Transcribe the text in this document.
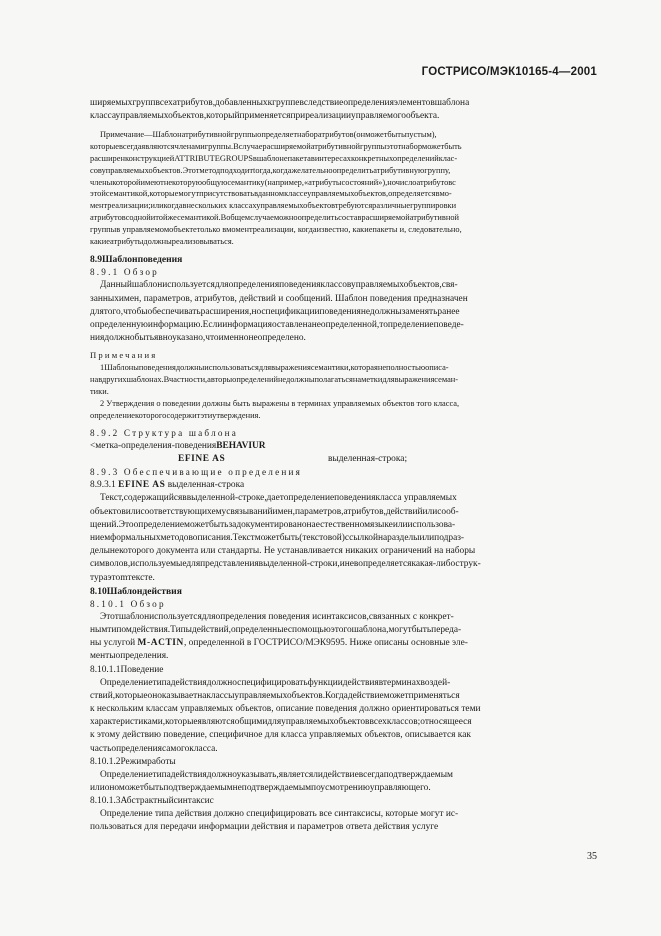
ГОСТРИСО/МЭК10165-4—2001

ширяемыхгруппвсехатрибутов,добавленныхкгруппевследствиеопределенияэлементовшаблона

классауправляемыхобъектов,которыйприменяетсяприреализацииуправляемогообъекта.

Примечание—Шаблонатрибутивнойгруппыопределяетнаборатрибутов(онможетбытьпустым),

которыевсегдаявляютсячленамигруппы.Вслучаерасширяемойатрибутивнойгруппыэтотнаборможетбыть

расширенконструкциейATTRIBUTEGROUPSвшаблонепакетавинтересахконкретныхопределенийклас-

совуправляемыхобъектов.Этотметодподходитtогда,когдажелательноопределитьатрибутивнуюгруппу,

членыкоторойимеютнекоторуюобщуюсемантику(например,«атрибутысостояний»),ночислоатрибутовс

этойсемантикой,которыемогутприсутствоватьвданномклассеуправляемыхобъектов,определяетсявмо-

ментреализации;иликогдавнескольких классахуправляемыхобъектовтребуютсяразличныегруппировки

атрибутовсоднойитойжесемантикой.Вобщемслучаеможноопределитьсоставрасширяемойатрибутивной

группыв управляемомобъектетолько вмоментреализации, когдаизвестно, какиепакеты и, следовательно,

какиеатрибутыдолжныреализовываться.

8.9Шаблонповедения

8.9.1 Обзор

Данныйшаблониспользуетсядляопределенияповеденияклассовуправляемыхобъектов,свя-

занныхимен, параметров, атрибутов, действий и сообщений. Шаблон поведения предназначен

длятого,чтобыобеспечиватьрасширения,носпецификацииповедениянедолжнызаменятьранее

определеннуюинформацию.Еслиинформацияоставленанеопределенной,топределениеповеде-

ниядолжнобытьявноуказано,чтоименнонеопределено.

Примечания

1Шаблоныповедениядолжныиспользоватьсядлявыражениясемантики,котораянеполностьюописа-

навдругихшаблонах.Вчастности,авторыопределенийнедолжныполагатьсянаметкидлявыражениясеман-

тики.

2 Утверждения о поведении должны быть выражены в терминах управляемых объектов того класса,

определениекоторогосодержитэтиутверждения.

8.9.2 Структура шаблона

<метка-определения-поведенияBEHAVIUR

EFINE AS	выделенная-строка;

8.9.3 Обеспечивающие определения

8.9.3.1 EFINE AS выделенная-строка

Текст,содержащийсяввыделенной-строке,даетопределениеповедениякласса управляемых

объектовилисоответствующихемусвязыванийимен,параметров,атрибутов,действийилисооб-

щений.Этоопределениеможетбытьзадокументированонаестественномязыкеилииспользова-

ниемформальныхметодовописания.Текстможетбыть(текстовой)ссылкойнаразделыилиподраз-

делынекоторого документа или стандарты. Не устанавливается никаких ограничений на наборы

символов,используемыедляпредставлениявыделенной-строки,иневопределяетсякакая-либострук-

тураэтоmтексте.

8.10Шаблондействия

8.10.1 Обзор

Этотшаблониспользуетсядляопределения поведения исинтаксисов,связанных с конкрет-

нымтипомдействия.Типыдействий,определенныеспомощьюэтогошаблона,могутбытьпереда-

ны услугой M-ACTIN, определенной в ГОСТРИСО/МЭК9595. Ниже описаны основные эле-

ментыопределения.

8.10.1.1Поведение

Определениетипадействиядолжноспецифицироватьфункциидействиявтерминахвоздей-

ствий,которыеоноказываетнаклассыуправляемыхобъектов.Когдадействиеможетприменяться

к нескольким классам управляемых объектов, описание поведения должно ориентироваться теми

характеристиками,которыеявляютсяобщимидляуправляемыхобъектоввсехклассов;относящееся

к этому действию поведение, специфичное для класса управляемых объектов, описывается как

частьопределениясамогокласса.

8.10.1.2Режимработы

Определениетипадействиядолжноуказывать,являетсялидействиевсегдаподтверждаемым

илиономожетбытьподтверждаемымнеподтверждаемымпоусмотрениюуправляющего.

8.10.1.3Абстрактныйсинтаксис

Определение типа действия должно специфицировать все синтаксисы, которые могут ис-

пользоваться для передачи информации действия и параметров ответа действия услуге

35
